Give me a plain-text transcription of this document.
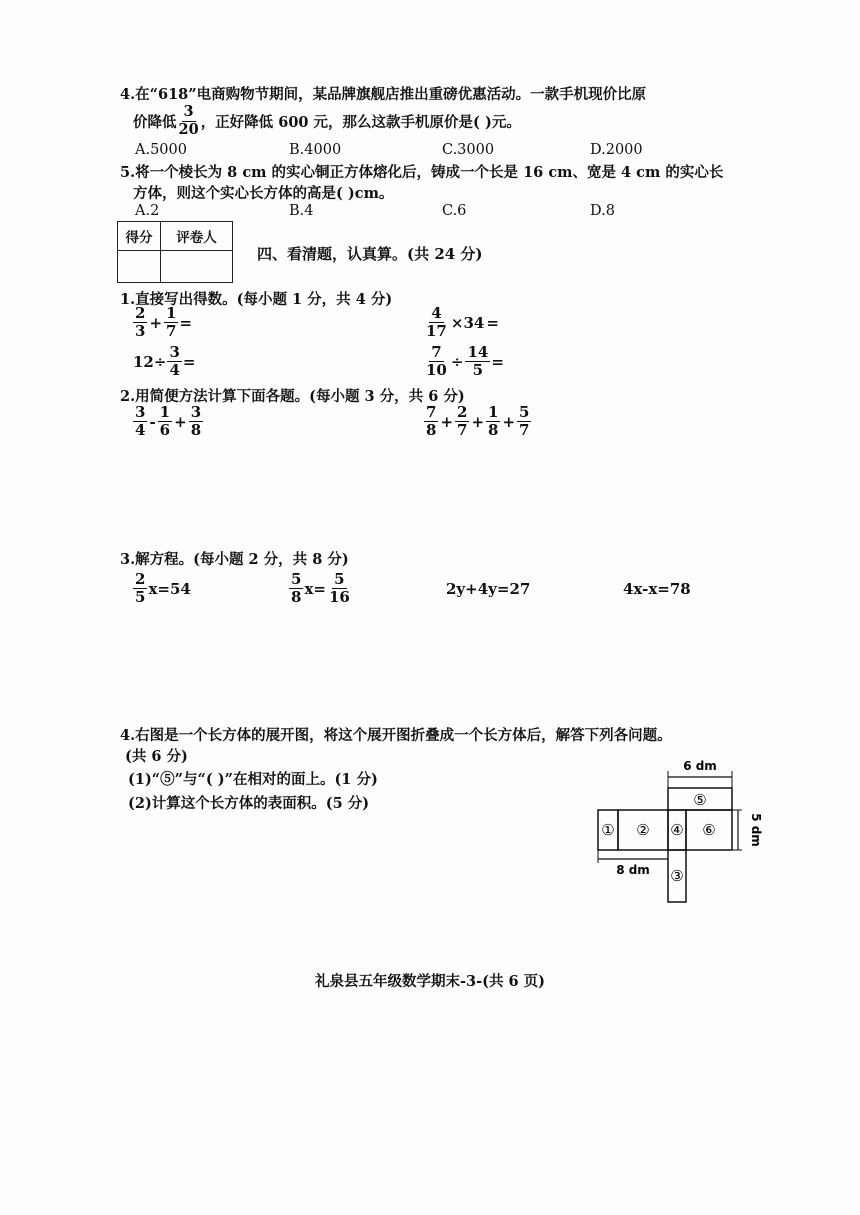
4.在“618”电商购物节期间，某品牌旗舰店推出重磅优惠活动。一款手机现价比原
价降低 $\frac{3}{20}$ ，正好降低 600 元，那么这款手机原价是( )元。
A.5000	B.4000	C.3000	D.2000
5.将一个棱长为 8 cm 的实心铜正方体熔化后，铸成一个长是 16 cm、宽是 4 cm 的实心长
方体，则这个实心长方体的高是( )cm。
A.2	B.4	C.6	D.8
得分	评卷人
四、看清题，认真算。(共 24 分)
1.直接写出得数。(每小题 1 分，共 4 分)
$\frac{2}{3} + \frac{1}{7}$ =	$\frac{4}{17} \times 34$ =
$12\div \frac{3}{4}$ =	$\frac{7}{10} \div \frac{14}{5}$ =
2.用简便方法计算下面各题。(每小题 3 分，共 6 分)
$\frac{3}{4} - \frac{1}{6} + \frac{3}{8}$	$\frac{7}{8} + \frac{2}{7} + \frac{1}{8} + \frac{5}{7}$
3.解方程。(每小题 2 分，共 8 分)
$\frac{2}{5} x=54$	$\frac{5}{8} x= \frac{5}{16}$	2y+4y=27	4x-x=78
4.右图是一个长方体的展开图，将这个展开图折叠成一个长方体后，解答下列各问题。
(共 6 分)
(1)“⑤”与“( )”在相对的面上。(1 分)
(2)计算这个长方体的表面积。(5 分)
6 dm
⑤
① ② ④ ⑥
③
5 dm
8 dm
礼泉县五年级数学期末-3-(共 6 页)
